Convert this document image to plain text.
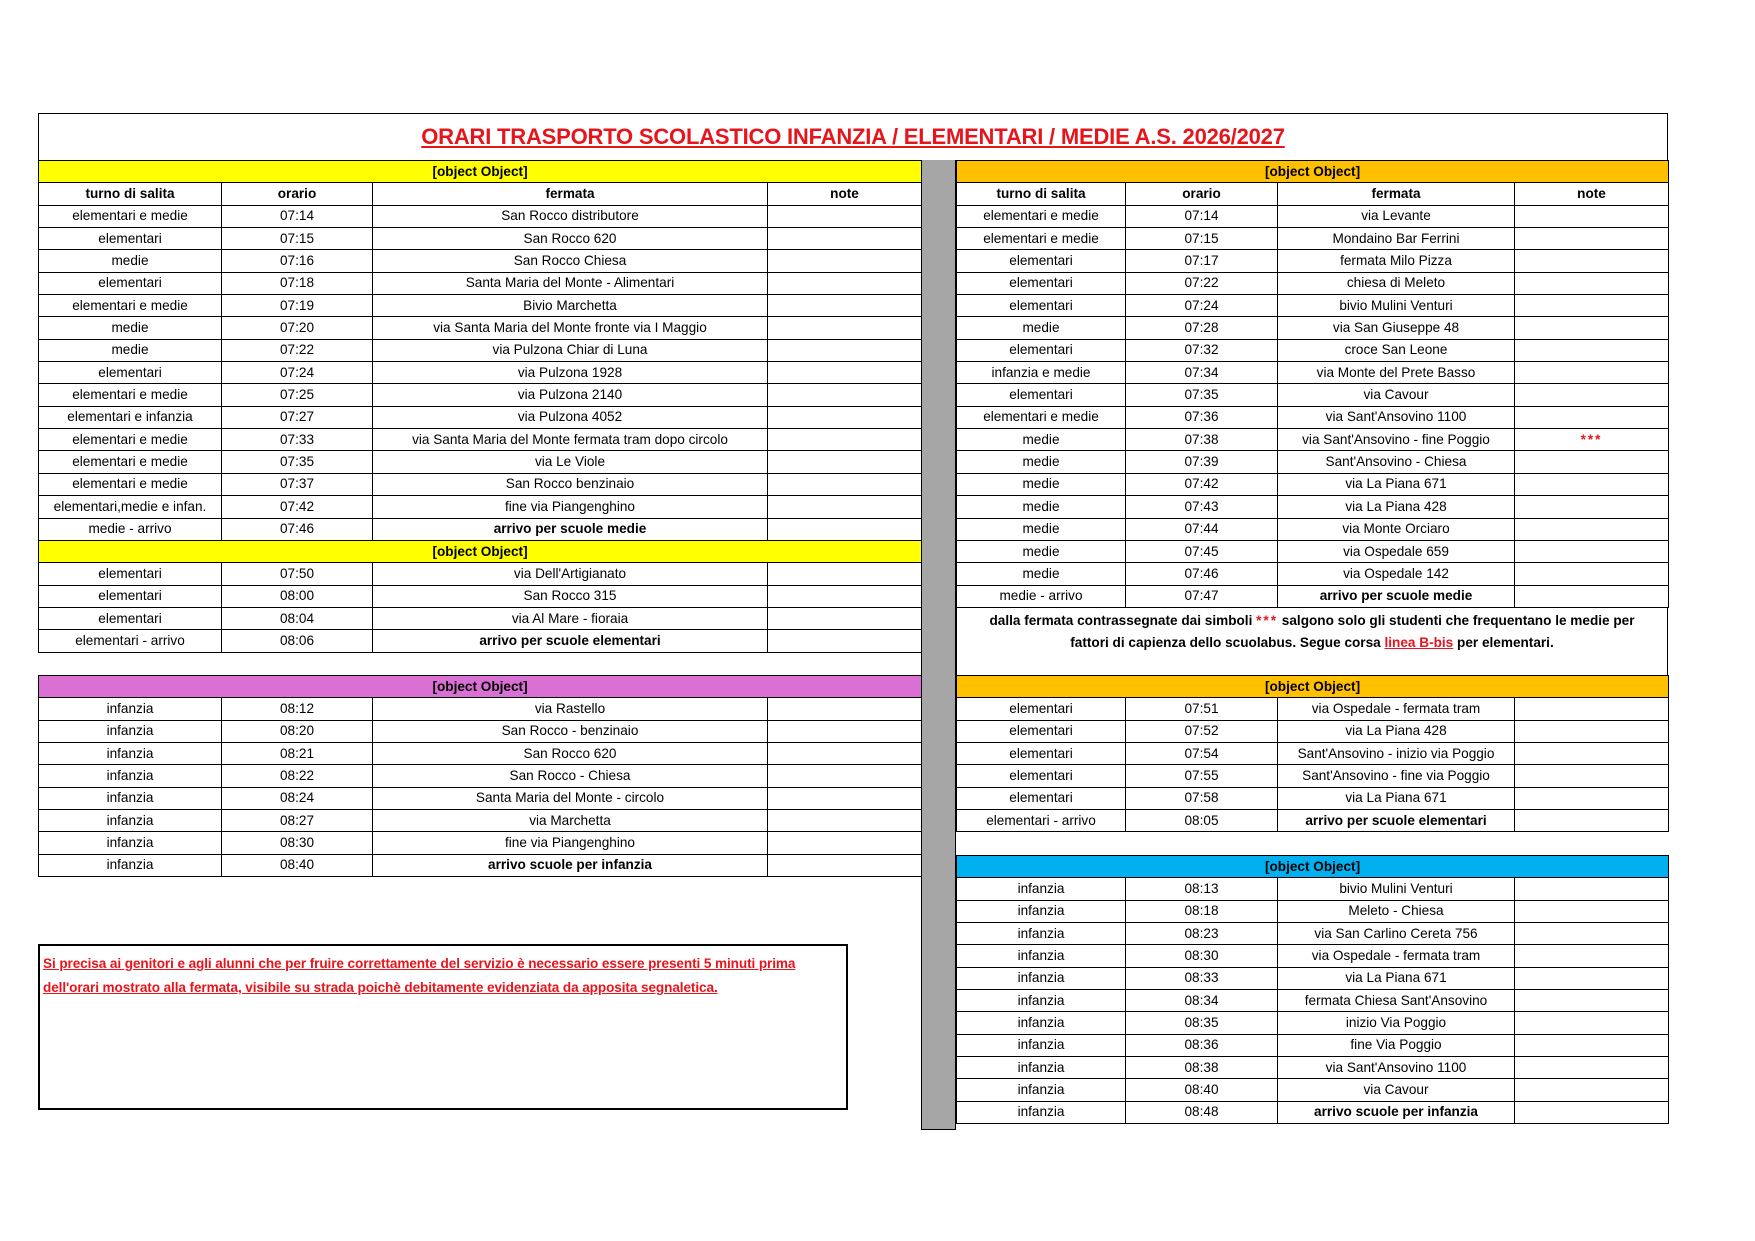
ORARI TRASPORTO SCOLASTICO INFANZIA / ELEMENTARI / MEDIE A.S. 2026/2027
[object Object]			
turno di salita	orario	fermata	note
elementari e medie	07:14	San Rocco distributore	
elementari	07:15	San Rocco 620	
medie	07:16	San Rocco Chiesa	
elementari	07:18	Santa Maria del Monte - Alimentari	
elementari e medie	07:19	Bivio Marchetta	
medie	07:20	via Santa Maria del Monte fronte via I Maggio	
medie	07:22	via Pulzona Chiar di Luna	
elementari	07:24	via Pulzona 1928	
elementari e medie	07:25	via Pulzona 2140	
elementari e infanzia	07:27	via Pulzona 4052	
elementari e medie	07:33	via Santa Maria del Monte fermata tram dopo circolo	
elementari e medie	07:35	via Le Viole	
elementari e medie	07:37	San Rocco benzinaio	
elementari,medie e infan.	07:42	fine via Piangenghino	
medie - arrivo	07:46	arrivo per scuole medie	
[object Object]			
elementari	07:50	via Dell'Artigianato	
elementari	08:00	San Rocco 315	
elementari	08:04	via Al Mare - fioraia	
elementari - arrivo	08:06	arrivo per scuole elementari	
[object Object]			
infanzia	08:12	via Rastello	
infanzia	08:20	San Rocco - benzinaio	
infanzia	08:21	San Rocco 620	
infanzia	08:22	San Rocco - Chiesa	
infanzia	08:24	Santa Maria del Monte - circolo	
infanzia	08:27	via Marchetta	
infanzia	08:30	fine via Piangenghino	
infanzia	08:40	arrivo scuole per infanzia	
[object Object]			
turno di salita	orario	fermata	note
elementari e medie	07:14	via Levante	
elementari e medie	07:15	Mondaino Bar Ferrini	
elementari	07:17	fermata Milo Pizza	
elementari	07:22	chiesa di Meleto	
elementari	07:24	bivio Mulini Venturi	
medie	07:28	via San Giuseppe 48	
elementari	07:32	croce San Leone	
infanzia e medie	07:34	via Monte del Prete Basso	
elementari	07:35	via Cavour	
elementari e medie	07:36	via Sant'Ansovino 1100	
medie	07:38	via Sant'Ansovino - fine Poggio	***
medie	07:39	Sant'Ansovino - Chiesa	
medie	07:42	via La Piana 671	
medie	07:43	via La Piana 428	
medie	07:44	via Monte Orciaro	
medie	07:45	via Ospedale 659	
medie	07:46	via Ospedale 142	
medie - arrivo	07:47	arrivo per scuole medie	
dalla fermata contrassegnate dai simboli *** salgono solo gli studenti che frequentano le medie per
fattori di capienza dello scuolabus. Segue corsa linea B-bis per elementari.
[object Object]			
elementari	07:51	via Ospedale - fermata tram	
elementari	07:52	via La Piana 428	
elementari	07:54	Sant'Ansovino - inizio via Poggio	
elementari	07:55	Sant'Ansovino - fine via Poggio	
elementari	07:58	via La Piana 671	
elementari - arrivo	08:05	arrivo per scuole elementari	
[object Object]			
infanzia	08:13	bivio Mulini Venturi	
infanzia	08:18	Meleto - Chiesa	
infanzia	08:23	via San Carlino Cereta 756	
infanzia	08:30	via Ospedale - fermata tram	
infanzia	08:33	via La Piana 671	
infanzia	08:34	fermata Chiesa Sant'Ansovino	
infanzia	08:35	inizio Via Poggio	
infanzia	08:36	fine Via Poggio	
infanzia	08:38	via Sant'Ansovino 1100	
infanzia	08:40	via Cavour	
infanzia	08:48	arrivo scuole per infanzia	
Si precisa ai genitori e agli alunni che per fruire correttamente del servizio è necessario essere presenti 5 minuti prima
dell'orari mostrato alla fermata, visibile su strada poichè debitamente evidenziata da apposita segnaletica.
